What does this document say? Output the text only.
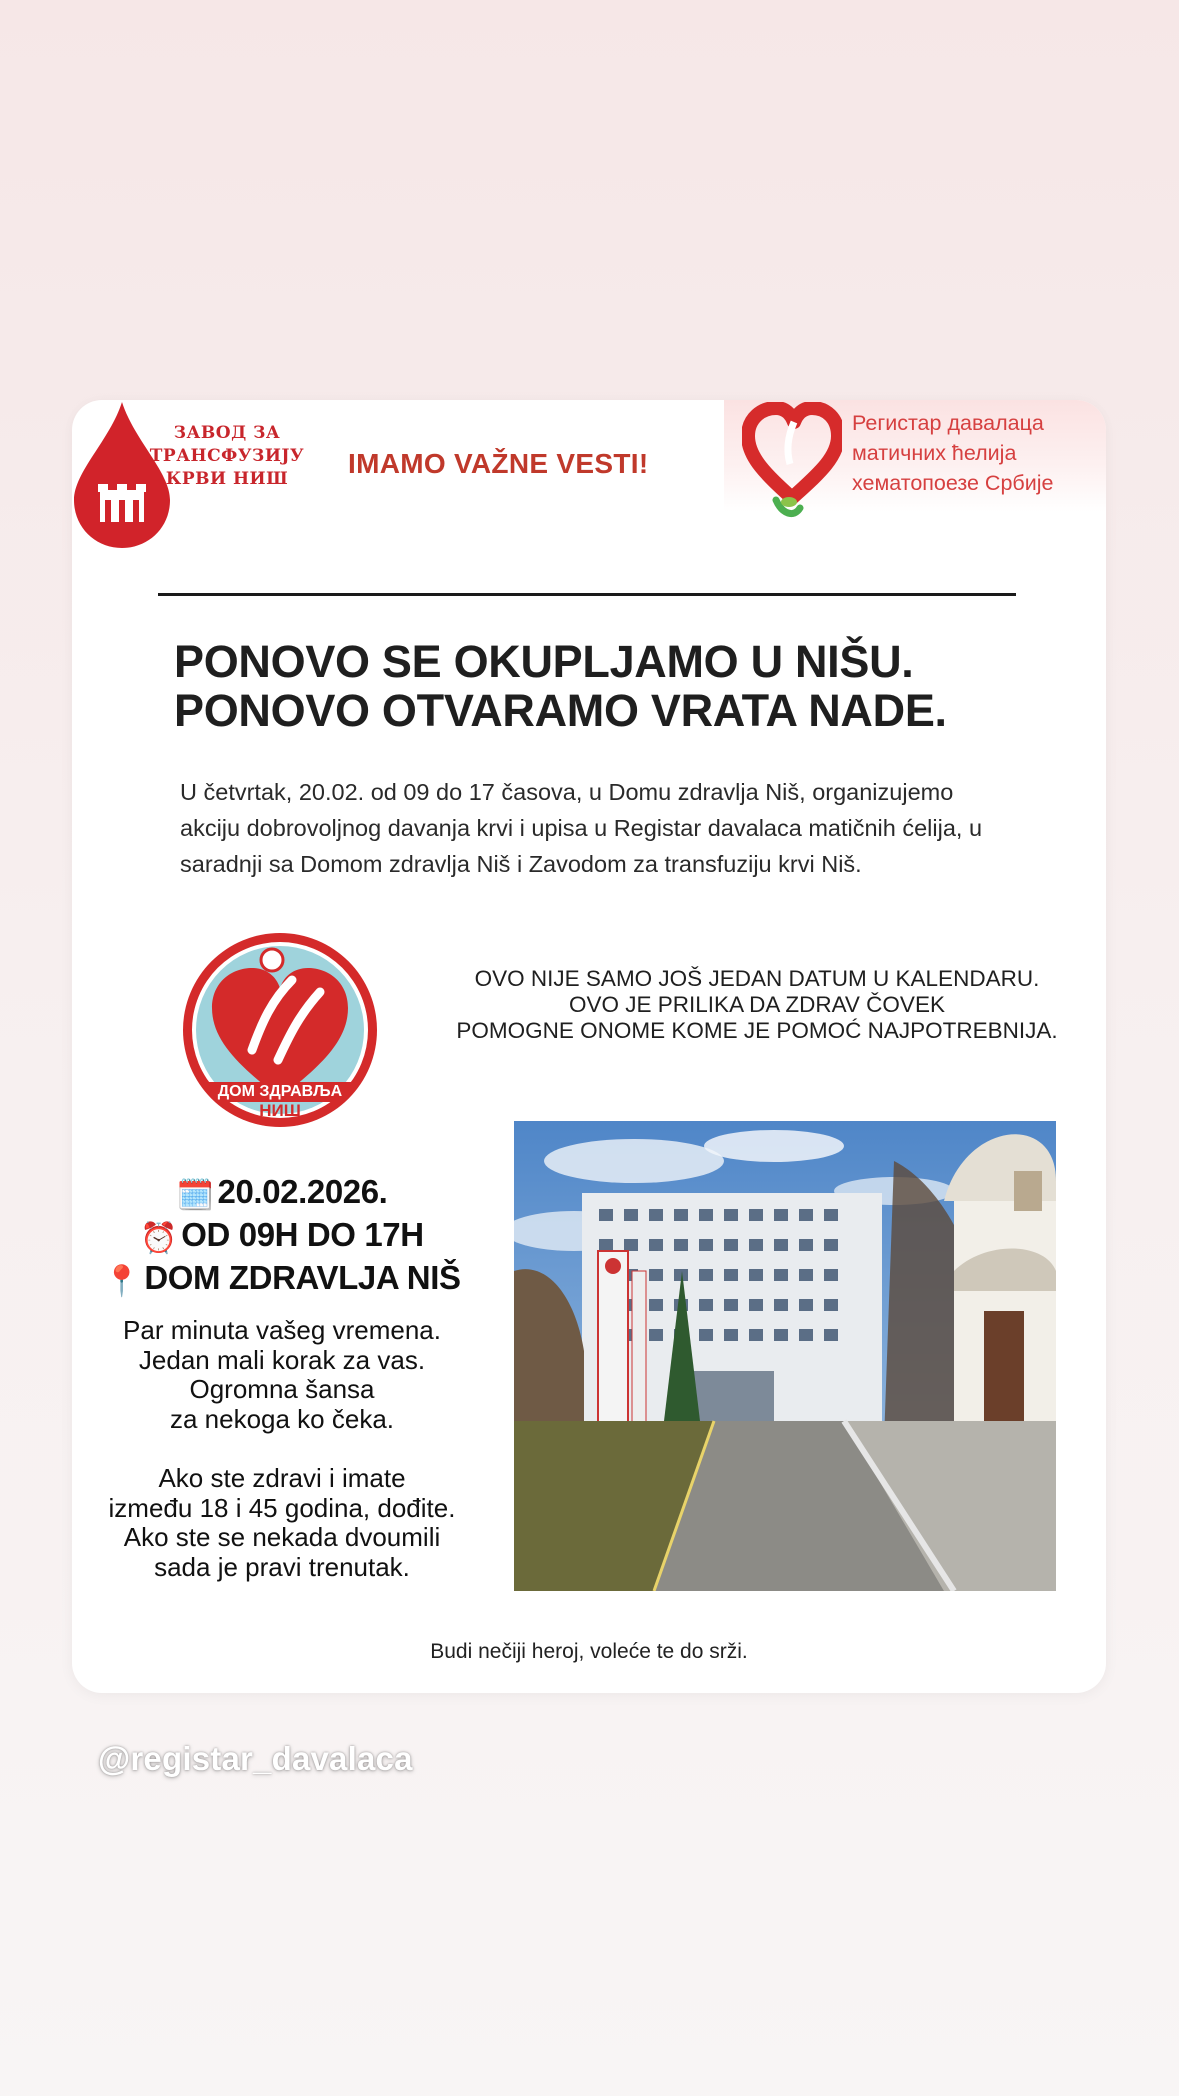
ЗАВОД ЗА
ТРАНСФУЗИЈУ
КРВИ НИШ	IMAMO VAŽNE VESTI!
Регистар давалаца
матичних ћелија
хематопоезе Србије
PONOVO SE OKUPLJAMO U NIŠU.
PONOVO OTVARAMO VRATA NADE.
U četvrtak, 20.02. od 09 do 17 časova, u Domu zdravlja Niš, organizujemo akciju dobrovoljnog davanja krvi i upisa u Registar davalaca matičnih ćelija, u saradnji sa Domom zdravlja Niš i Zavodom za transfuziju krvi Niš.
ДОМ ЗДРАВЉА
НИШ
OVO NIJE SAMO JOŠ JEDAN DATUM U KALENDARU.
OVO JE PRILIKA DA ZDRAV ČOVEK
POMOGNE ONOME KOME JE POMOĆ NAJPOTREBNIJA.
🗓️ 20.02.2026.
⏰ OD 09H DO 17H
📍 DOM ZDRAVLJA NIŠ
Par minuta vašeg vremena.
Jedan mali korak za vas.
Ogromna šansa
za nekoga ko čeka.
Ako ste zdravi i imate
između 18 i 45 godina, dođite.
Ako ste se nekada dvoumili
sada je pravi trenutak.
Budi nečiji heroj, voleće te do srži.
@registar_davalaca
